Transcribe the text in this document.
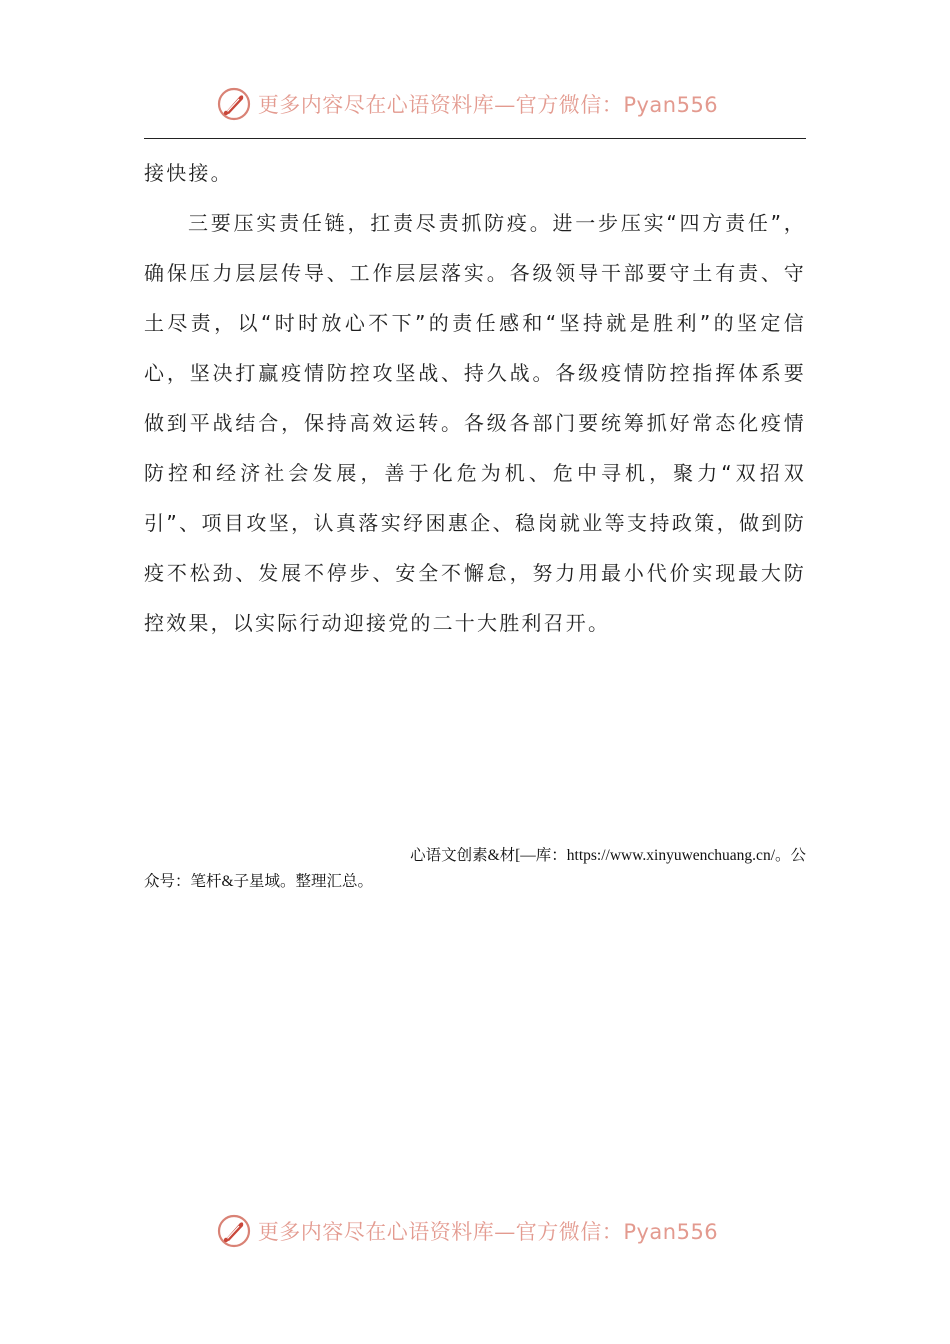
更多内容尽在心语资料库—官方微信：Pyan556

接快接。

三要压实责任链，扛责尽责抓防疫。进一步压实“四方责任”，确保压力层层传导、工作层层落实。各级领导干部要守土有责、守土尽责，以“时时放心不下”的责任感和“坚持就是胜利”的坚定信心，坚决打赢疫情防控攻坚战、持久战。各级疫情防控指挥体系要做到平战结合，保持高效运转。各级各部门要统筹抓好常态化疫情防控和经济社会发展，善于化危为机、危中寻机，聚力“双招双引”、项目攻坚，认真落实纾困惠企、稳岗就业等支持政策，做到防疫不松劲、发展不停步、安全不懈怠，努力用最小代价实现最大防控效果，以实际行动迎接党的二十大胜利召开。

心语文创素&材[—库：https://www.xinyuwenchuang.cn/。公
众号：笔杆&子星域。整理汇总。
更多内容尽在心语资料库—官方微信：Pyan556
